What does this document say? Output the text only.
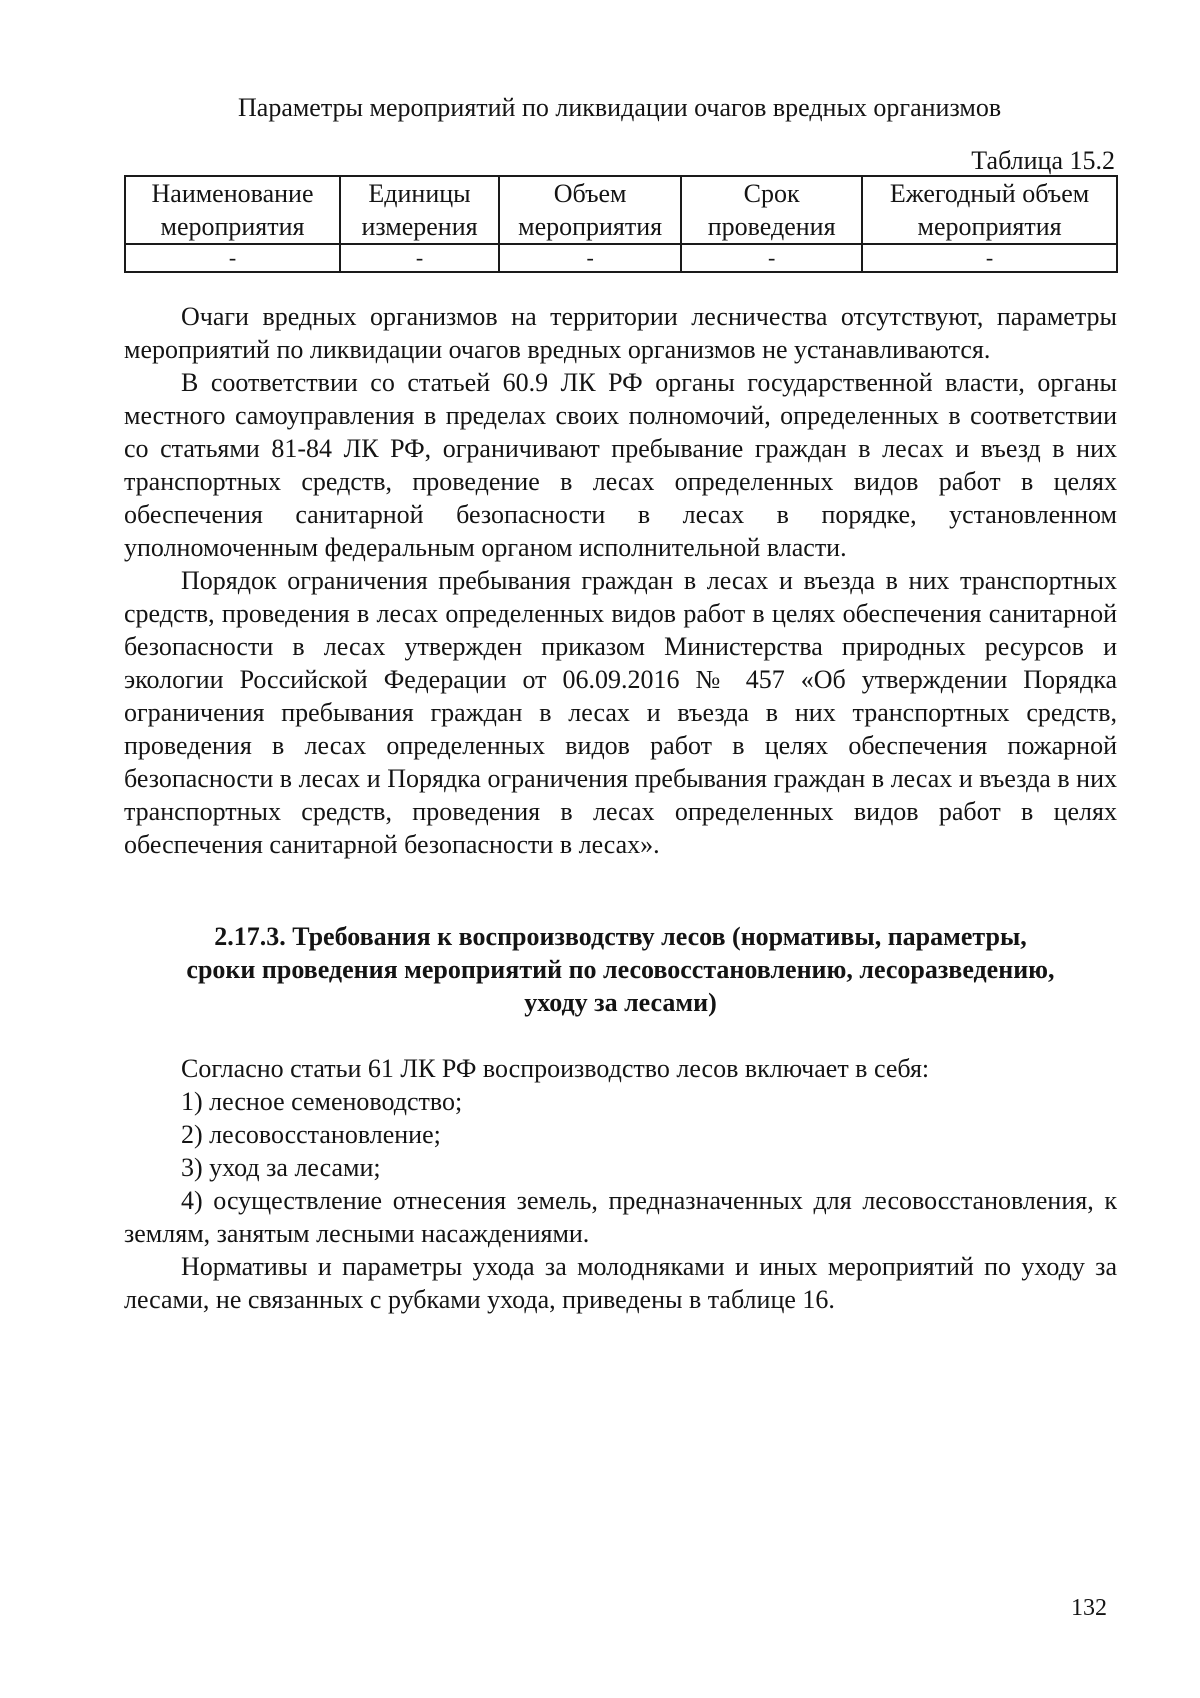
Параметры мероприятий по ликвидации очагов вредных организмов
Таблица 15.2
Наименование мероприятия	Единицы измерения	Объем мероприятия	Срок проведения	Ежегодный объем мероприятия
-	-	-	-	-

Очаги вредных организмов на территории лесничества отсутствуют, параметры мероприятий по ликвидации очагов вредных организмов не устанавливаются.

В соответствии со статьей 60.9 ЛК РФ органы государственной власти, органы местного самоуправления в пределах своих полномочий, определенных в соответствии со статьями 81-84 ЛК РФ, ограничивают пребывание граждан в лесах и въезд в них транспортных средств, проведение в лесах определенных видов работ в целях обеспечения санитарной безопасности в лесах в порядке, установленном уполномоченным федеральным органом исполнительной власти.

Порядок ограничения пребывания граждан в лесах и въезда в них транспортных средств, проведения в лесах определенных видов работ в целях обеспечения санитарной безопасности в лесах утвержден приказом Министерства природных ресурсов и экологии Российской Федерации от 06.09.2016 № 457 «Об утверждении Порядка ограничения пребывания граждан в лесах и въезда в них транспортных средств, проведения в лесах определенных видов работ в целях обеспечения пожарной безопасности в лесах и Порядка ограничения пребывания граждан в лесах и въезда в них транспортных средств, проведения в лесах определенных видов работ в целях обеспечения санитарной безопасности в лесах».

2.17.3. Требования к воспроизводству лесов (нормативы, параметры,
сроки проведения мероприятий по лесовосстановлению, лесоразведению,
уходу за лесами)

Согласно статьи 61 ЛК РФ воспроизводство лесов включает в себя:

1) лесное семеноводство;

2) лесовосстановление;

3) уход за лесами;

4) осуществление отнесения земель, предназначенных для лесовосстановления, к землям, занятым лесными насаждениями.

Нормативы и параметры ухода за молодняками и иных мероприятий по уходу за лесами, не связанных с рубками ухода, приведены в таблице 16.

132
